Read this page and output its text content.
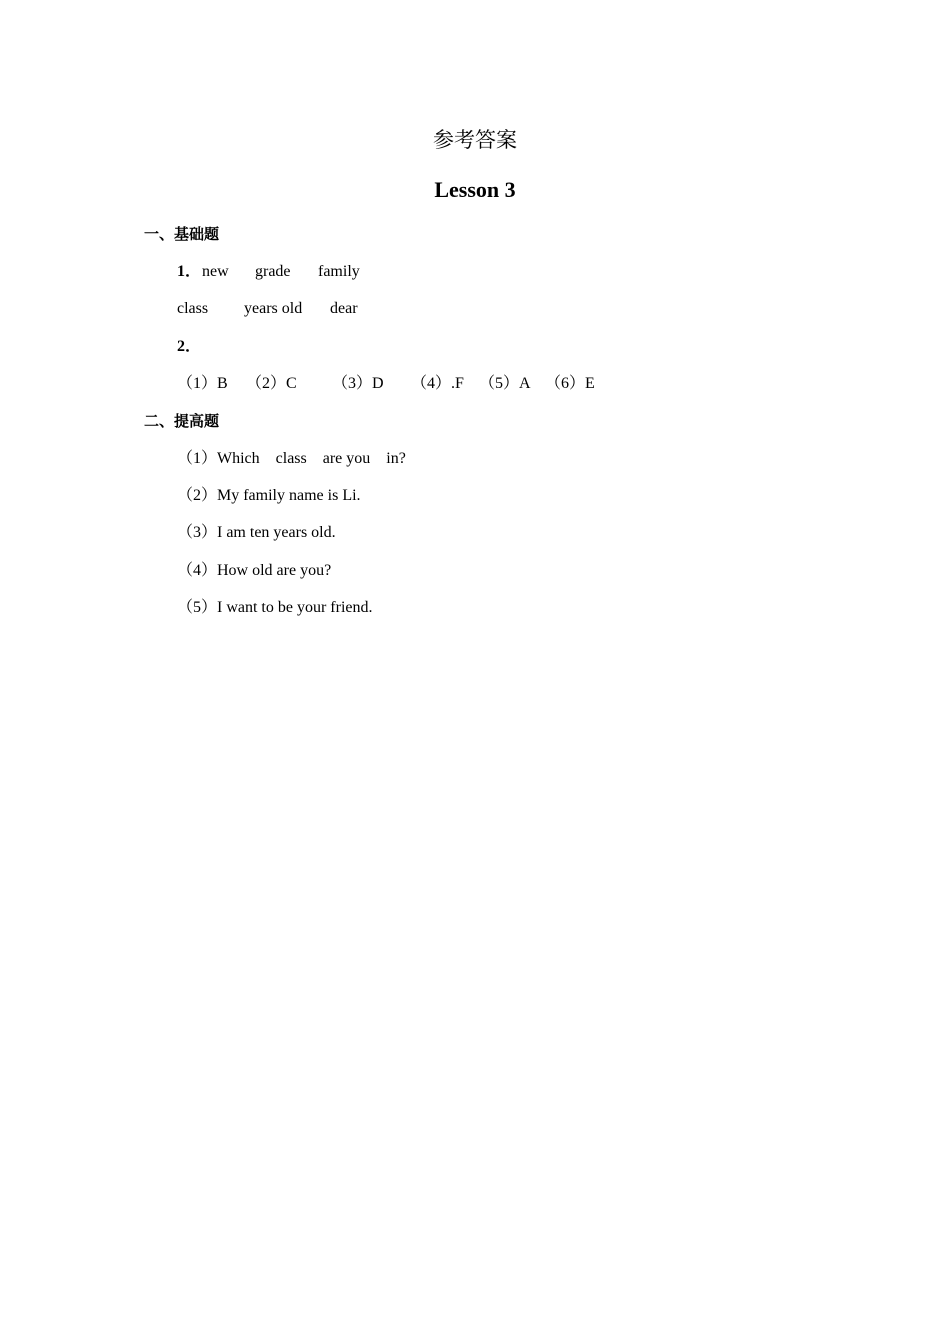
参考答案
Lesson 3
一、基础题
1． new grade family
class years old dear
2．
（1）B （2）C （3）D （4）.F （5）A （6）E
二、提高题
（1）Which    class    are you    in?
（2）My family name is Li.
（3）I am ten years old.
（4）How old are you?
（5）I want to be your friend.
